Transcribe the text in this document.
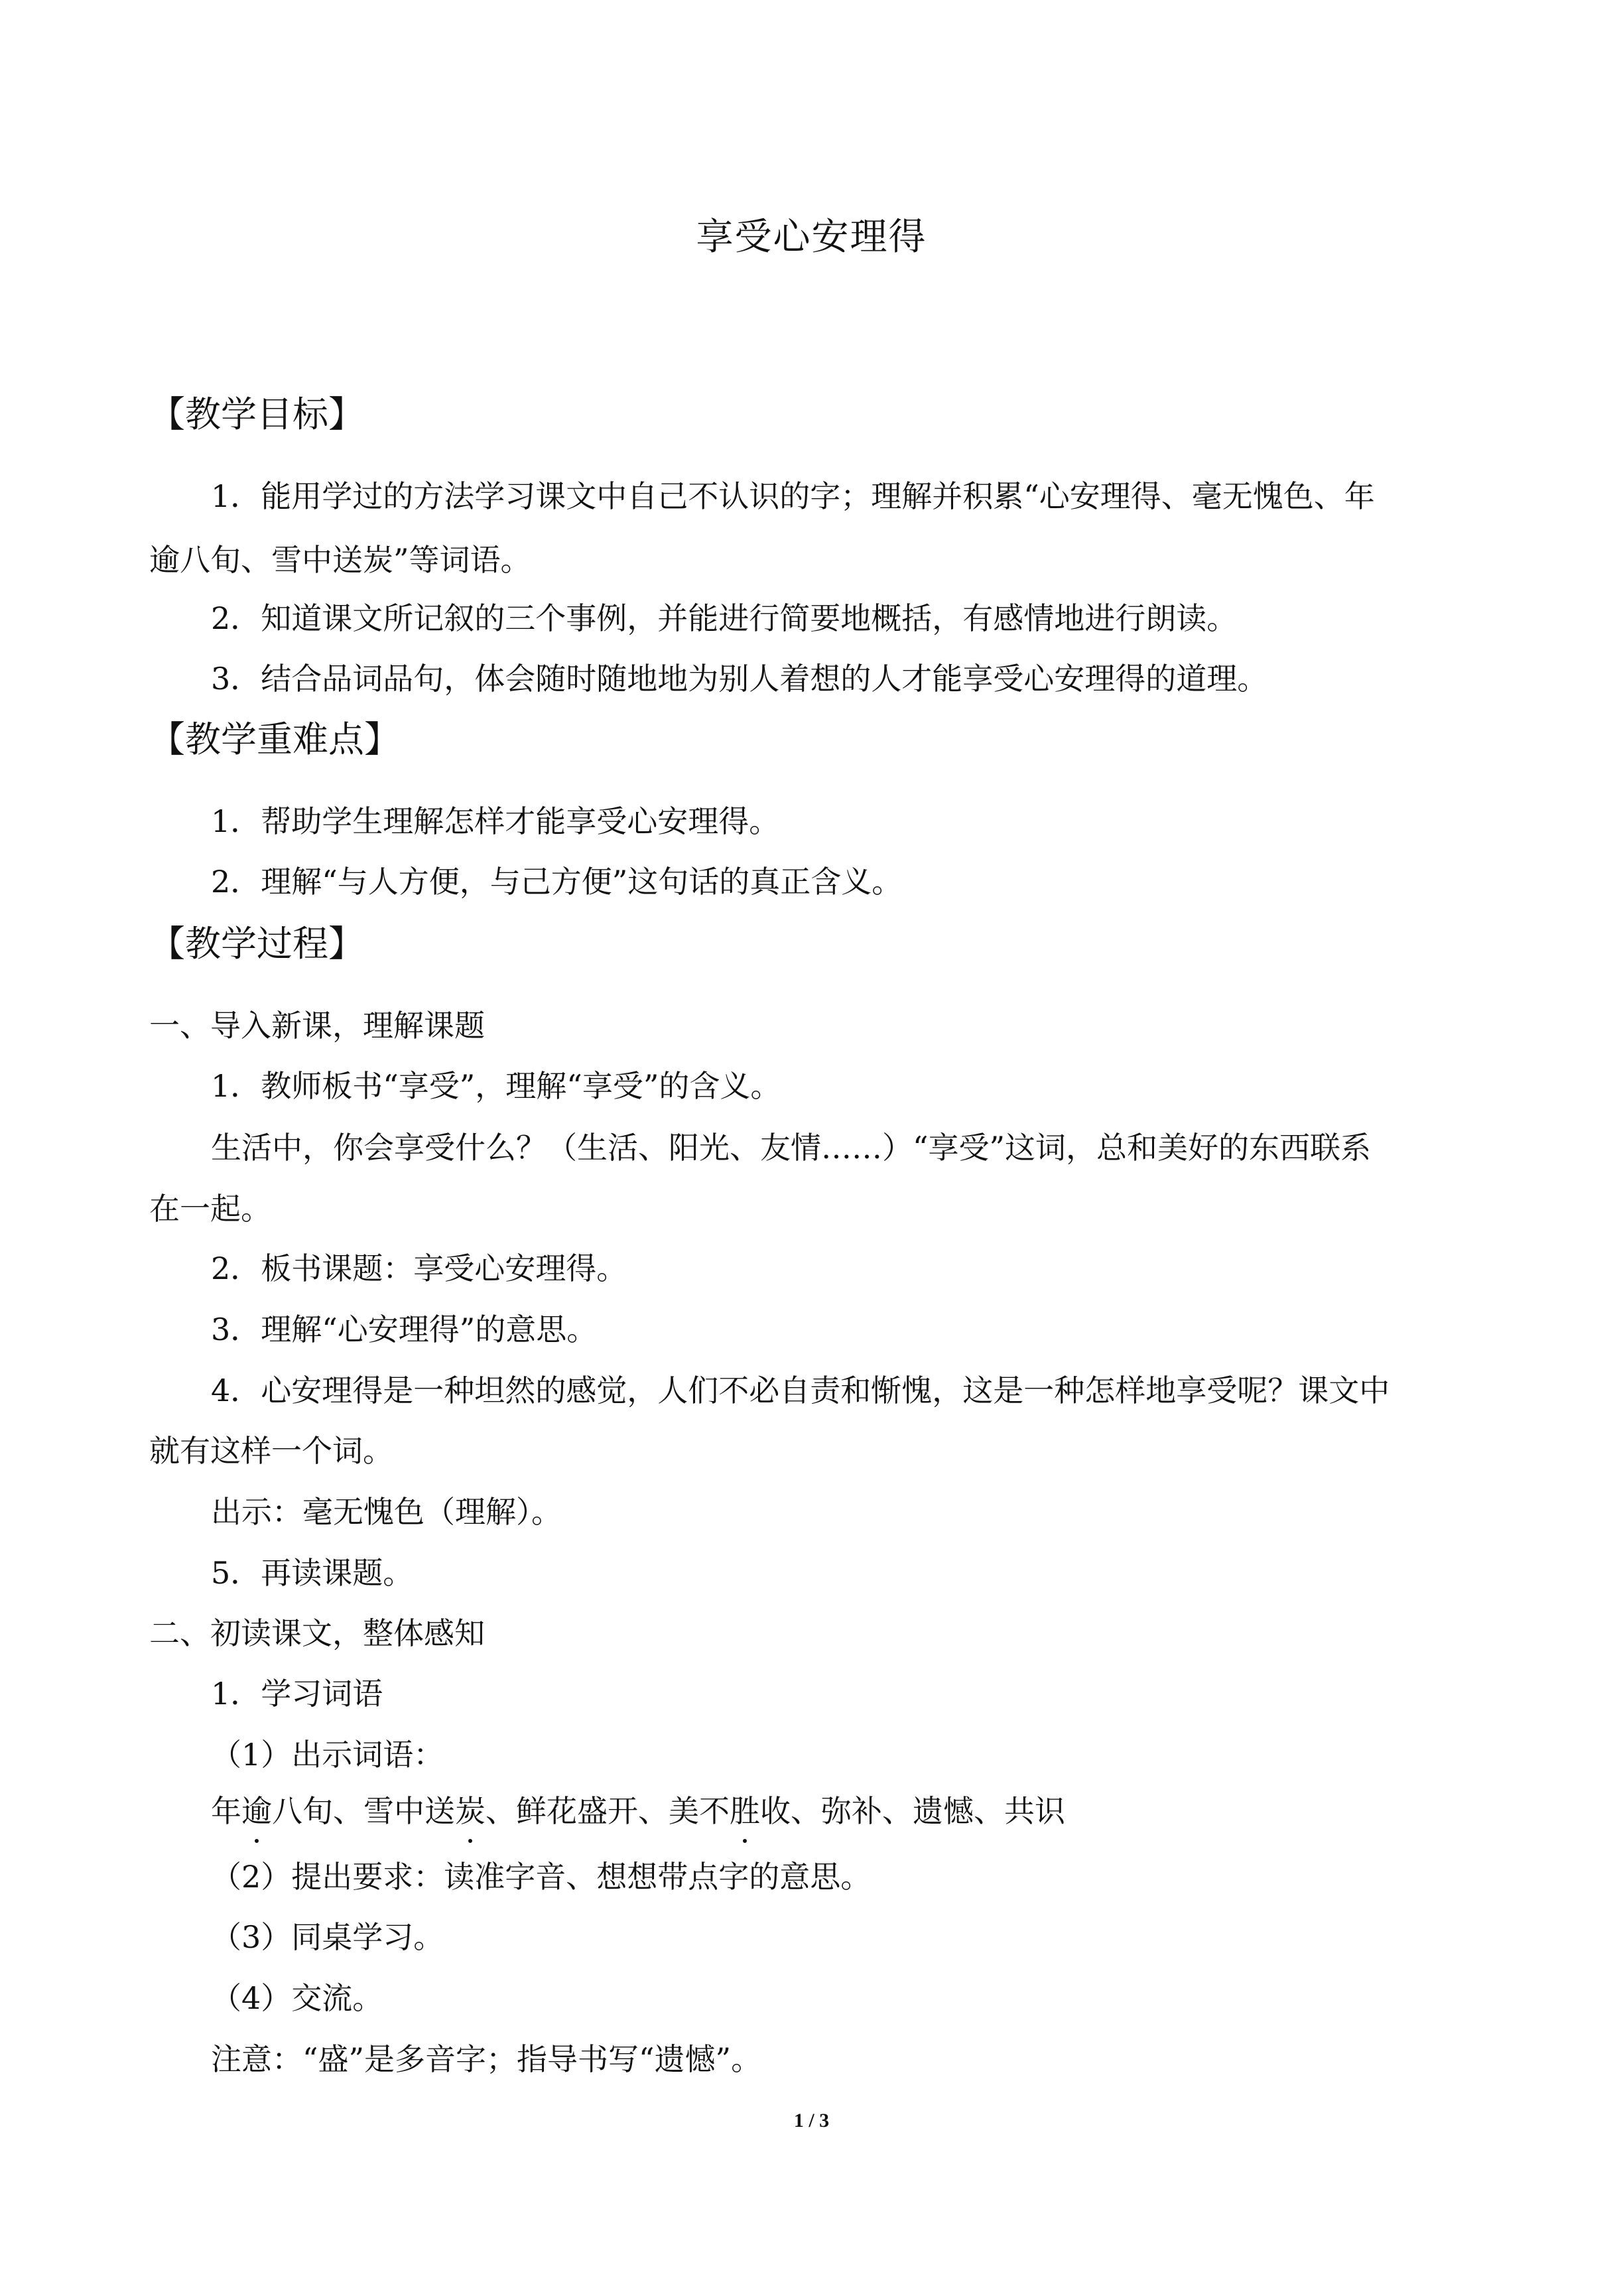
享受心安理得
【教学目标】
1．能用学过的方法学习课文中自己不认识的字；理解并积累“心安理得、毫无愧色、年
逾八旬、雪中送炭”等词语。
2．知道课文所记叙的三个事例，并能进行简要地概括，有感情地进行朗读。
3．结合品词品句，体会随时随地地为别人着想的人才能享受心安理得的道理。
【教学重难点】
1．帮助学生理解怎样才能享受心安理得。
2．理解“与人方便，与己方便”这句话的真正含义。
【教学过程】
一、导入新课，理解课题
1．教师板书“享受”，理解“享受”的含义。
生活中，你会享受什么？（生活、阳光、友情……）“享受”这词，总和美好的东西联系
在一起。
2．板书课题：享受心安理得。
3．理解“心安理得”的意思。
4．心安理得是一种坦然的感觉，人们不必自责和惭愧，这是一种怎样地享受呢？课文中
就有这样一个词。
出示：毫无愧色（理解）。
5．再读课题。
二、初读课文，整体感知
1．学习词语
（1）出示词语：
年逾八旬、雪中送炭、鲜花盛开、美不胜收、弥补、遗憾、共识
（2）提出要求：读准字音、想想带点字的意思。
（3）同桌学习。
（4）交流。
注意：“盛”是多音字；指导书写“遗憾”。
1 / 3
